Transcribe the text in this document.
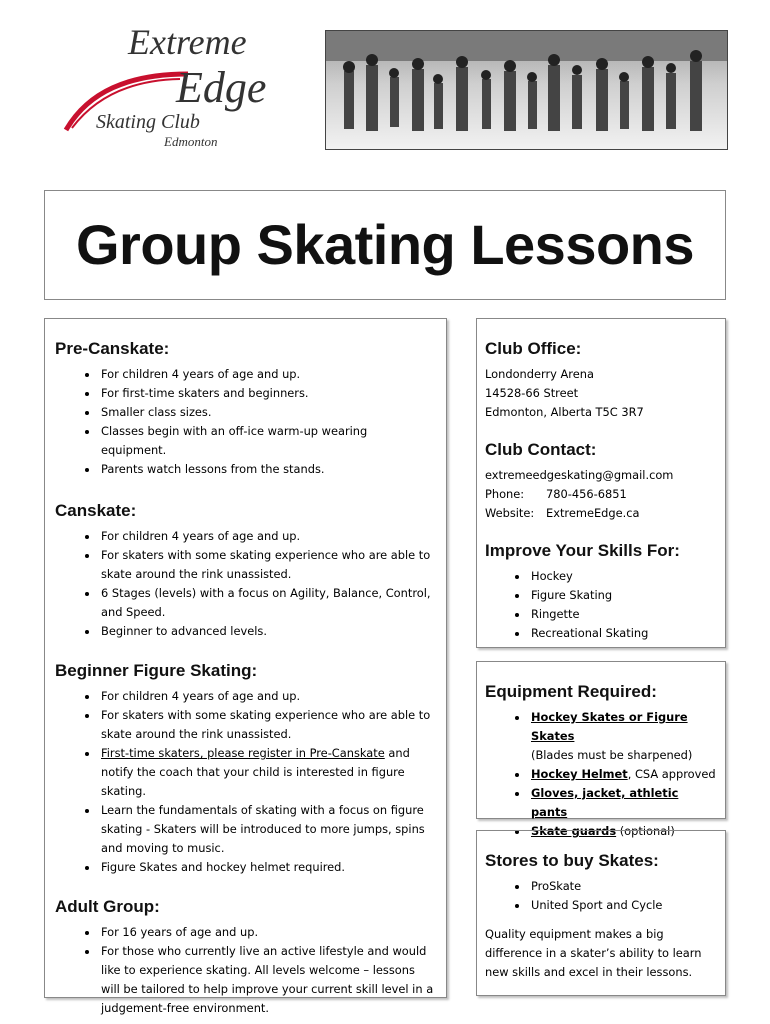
Extreme
Edge
Skating Club
Edmonton
Group Skating Lessons
Pre-Canskate:
• For children 4 years of age and up.
• For first-time skaters and beginners.
• Smaller class sizes.
• Classes begin with an off-ice warm-up wearing equipment.
• Parents watch lessons from the stands.
Canskate:
• For children 4 years of age and up.
• For skaters with some skating experience who are able to skate around the rink unassisted.
• 6 Stages (levels) with a focus on Agility, Balance, Control, and Speed.
• Beginner to advanced levels.
Beginner Figure Skating:
• For children 4 years of age and up.
• For skaters with some skating experience who are able to skate around the rink unassisted.
• First-time skaters, please register in Pre-Canskate and notify the coach that your child is interested in figure skating.
• Learn the fundamentals of skating with a focus on figure skating - Skaters will be introduced to more jumps, spins and moving to music.
• Figure Skates and hockey helmet required.
Adult Group:
• For 16 years of age and up.
• For those who currently live an active lifestyle and would like to experience skating. All levels welcome – lessons will be tailored to help improve your current skill level in a judgement-free environment.
Club Office:
Londonderry Arena
14528-66 Street
Edmonton, Alberta T5C 3R7
Club Contact:
extremeedgeskating@gmail.com
Phone:	780-456-6851
Website:	ExtremeEdge.ca
Improve Your Skills For:
• Hockey
• Figure Skating
• Ringette
• Recreational Skating
Equipment Required:
• Hockey Skates or Figure Skates
(Blades must be sharpened)
• Hockey Helmet, CSA approved
• Gloves, jacket, athletic pants
• Skate guards (optional)
Stores to buy Skates:
• ProSkate
• United Sport and Cycle
Quality equipment makes a big difference in a skater’s ability to learn new skills and excel in their lessons.
